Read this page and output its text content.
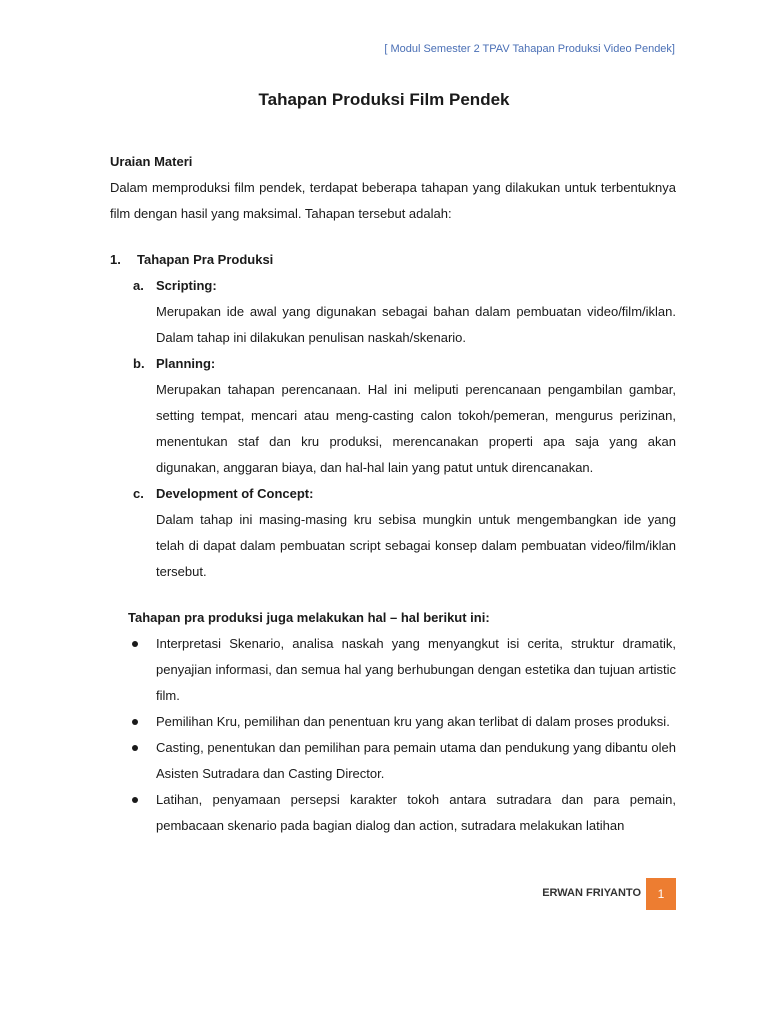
[ Modul Semester 2 TPAV Tahapan Produksi Video Pendek]
Tahapan Produksi Film Pendek

Uraian Materi

Dalam memproduksi film pendek, terdapat beberapa tahapan yang dilakukan untuk terbentuknya film dengan hasil yang maksimal. Tahapan tersebut adalah:

1. Tahapan Pra Produksi
a. Scripting:

Merupakan ide awal yang digunakan sebagai bahan dalam pembuatan video/film/iklan. Dalam tahap ini dilakukan penulisan naskah/skenario.

b. Planning:

Merupakan tahapan perencanaan. Hal ini meliputi perencanaan pengambilan gambar, setting tempat, mencari atau meng-casting calon tokoh/pemeran, mengurus perizinan, menentukan staf dan kru produksi, merencanakan properti apa saja yang akan digunakan, anggaran biaya, dan hal-hal lain yang patut untuk direncanakan.

c. Development of Concept:

Dalam tahap ini masing-masing kru sebisa mungkin untuk mengembangkan ide yang telah di dapat dalam pembuatan script sebagai konsep dalam pembuatan video/film/iklan tersebut.

Tahapan pra produksi juga melakukan hal – hal berikut ini:

Interpretasi Skenario, analisa naskah yang menyangkut isi cerita, struktur dramatik, penyajian informasi, dan semua hal yang berhubungan dengan estetika dan tujuan artistic film.
Pemilihan Kru, pemilihan dan penentuan kru yang akan terlibat di dalam proses produksi.
Casting, penentukan dan pemilihan para pemain utama dan pendukung yang dibantu oleh Asisten Sutradara dan Casting Director.
Latihan, penyamaan persepsi karakter tokoh antara sutradara dan para pemain, pembacaan skenario pada bagian dialog dan action, sutradara melakukan latihan
ERWAN FRIYANTO	1
